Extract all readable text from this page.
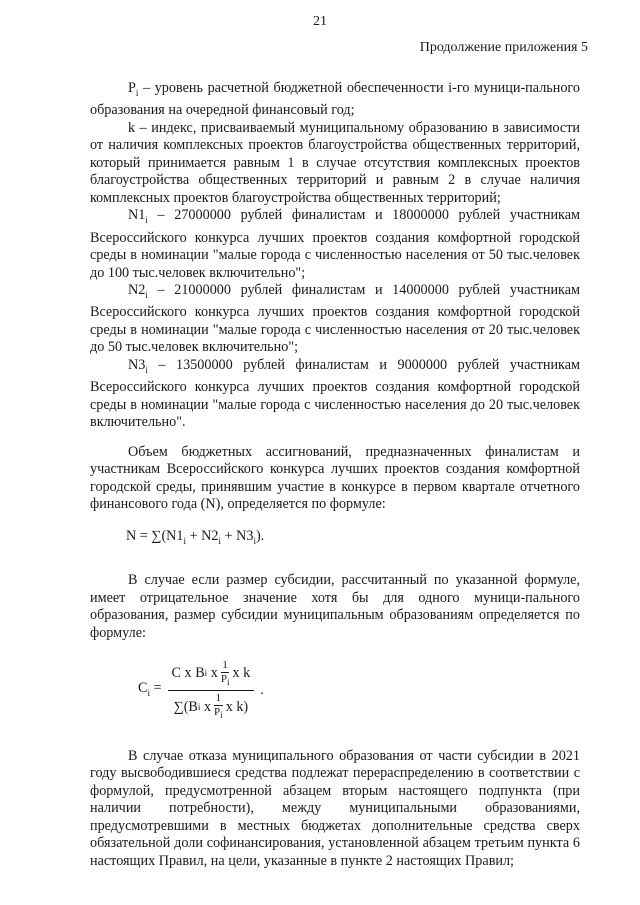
21
Продолжение приложения 5

$P_i$ – уровень расчетной бюджетной обеспеченности i-го муници-пального образования на очередной финансовый год;

k – индекс, присваиваемый муниципальному образованию в зависимости от наличия комплексных проектов благоустройства общественных территорий, который принимается равным 1 в случае отсутствия комплексных проектов благоустройства общественных территорий и равным 2 в случае наличия комплексных проектов благоустройства общественных территорий;

$N1_i - 27000000$ рублей финалистам и 18000000 рублей участникам Всероссийского конкурса лучших проектов создания комфортной городской среды в номинации "малые города с численностью населения от 50 тыс.человек до 100 тыс.человек включительно";

$N2_i - 21000000$ рублей финалистам и 14000000 рублей участникам Всероссийского конкурса лучших проектов создания комфортной городской среды в номинации "малые города с численностью населения от 20 тыс.человек до 50 тыс.человек включительно";

$N3_i - 13500000$ рублей финалистам и 9000000 рублей участникам Всероссийского конкурса лучших проектов создания комфортной городской среды в номинации "малые города с численностью населения до 20 тыс.человек включительно".

Объем бюджетных ассигнований, предназначенных финалистам и участникам Всероссийского конкурса лучших проектов создания комфортной городской среды, принявшим участие в конкурсе в первом квартале отчетного финансового года (N), определяется по формуле:

$N = \sum(N1_i + N2_i + N3_i)$.

В случае если размер субсидии, рассчитанный по указанной формуле, имеет отрицательное значение хотя бы для одного муници-пального образования, размер субсидии муниципальным образованиям определяется по формуле:

$C_i$ =
C x B i
x $\frac{1}{P_i}$ x k
∑(B i
x $\frac{1}{P_i}$ x k)
.

В случае отказа муниципального образования от части субсидии в 2021 году высвободившиеся средства подлежат перераспределению в соответствии с формулой, предусмотренной абзацем вторым настоящего подпункта (при наличии потребности), между муниципальными образованиями, предусмотревшими в местных бюджетах дополнительные средства сверх обязательной доли софинансирования, установленной абзацем третьим пункта 6 настоящих Правил, на цели, указанные в пункте 2 настоящих Правил;
